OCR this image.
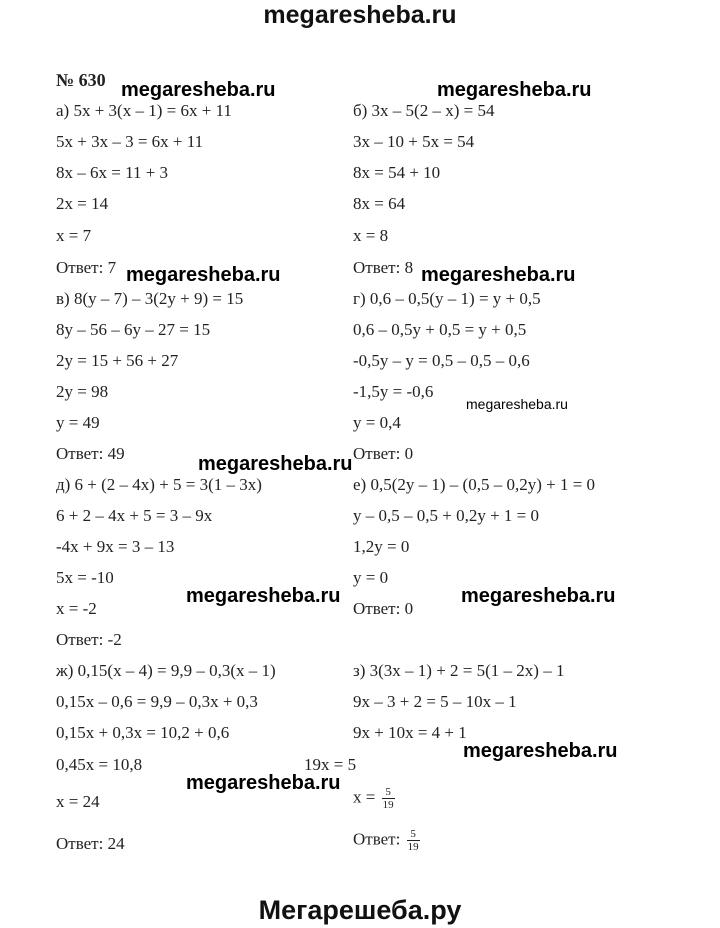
megaresheba.ru
№ 630
а) 5x + 3(x – 1) = 6x + 11
5x + 3x – 3 = 6x + 11
8x – 6x = 11 + 3
2x = 14
x = 7
Ответ: 7
в) 8(y – 7) – 3(2y + 9) = 15
8y – 56 – 6y – 27 = 15
2y = 15 + 56 + 27
2y = 98
y = 49
Ответ: 49
д) 6 + (2 – 4x) + 5 = 3(1 – 3x)
6 + 2 – 4x + 5 = 3 – 9x
-4x + 9x = 3 – 13
5x = -10
x = -2
Ответ: -2
ж) 0,15(x – 4) = 9,9 – 0,3(x – 1)
0,15x – 0,6 = 9,9 – 0,3x + 0,3
0,15x + 0,3x = 10,2 + 0,6
0,45x = 10,8
x = 24
Ответ: 24
б) 3x – 5(2 – x) = 54
3x – 10 + 5x = 54
8x = 54 + 10
8x = 64
x = 8
Ответ: 8
г) 0,6 – 0,5(y – 1) = y + 0,5
0,6 – 0,5y + 0,5 = y + 0,5
-0,5y – y = 0,5 – 0,5 – 0,6
-1,5y = -0,6
y = 0,4
Ответ: 0
е) 0,5(2y – 1) – (0,5 – 0,2y) + 1 = 0
y – 0,5 – 0,5 + 0,2y + 1 = 0
1,2y = 0
y = 0
Ответ: 0
з) 3(3x – 1) + 2 = 5(1 – 2x) – 1
9x – 3 + 2 = 5 – 10x – 1
9x + 10x = 4 + 1
19x = 5
$x = \frac{5}{19}$
Ответ: $\frac{5}{19}$
megaresheba.ru	megaresheba.ru
megaresheba.ru	megaresheba.ru
megaresheba.ru
megaresheba.ru
megaresheba.ru	megaresheba.ru
megaresheba.ru
megaresheba.ru
Мегарешеба.ру
